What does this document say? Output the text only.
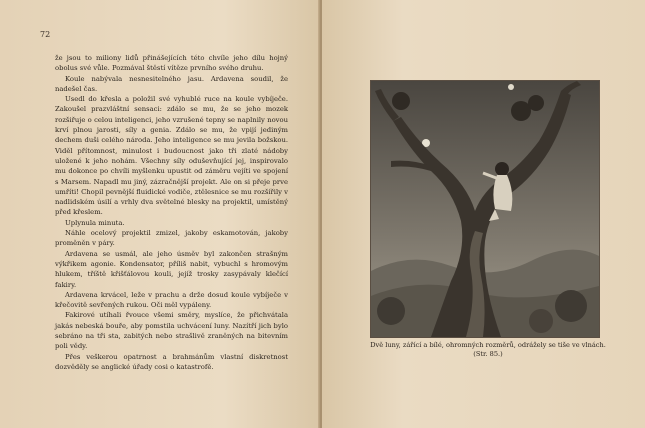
72

že jsou to miliony lidů přinášejících této chvíle jeho dílu hojný obolus své vůle. Pozmával štěstí vítěze prvního svého druhu.

Koule nabývala nesnesitelného jasu. Ardavena soudil, že nadešel čas.

Usedl do křesla a položil své vyhublé ruce na koule vybíječe. Zakoušel prazvláštní sensaci: zdálo se mu, že se jeho mozek rozšiřuje o celou inteligenci, jeho vzrušené tepny se naplnily novou krví plnou jarosti, síly a genia. Zdálo se mu, že vpijí jediným dechem duši celého národa. Jeho inteligence se mu jevila božskou. Viděl přítomnost, minulost i budoucnost jako tři zlaté nádoby uložené k jeho nohám. Všechny síly oduševňující jej, inspirovalo mu dokonce po chvíli myšlenku upustit od záměru vejíti ve spojení s Marsem. Napadl mu jiný, zázračnější projekt. Ale on si přeje prve umříti! Chopil pevnější fluidické vodiče, ztělesnice se mu rozšířily v nadlidském úsilí a vrhly dva světelné blesky na projektil, umístěný před křeslem.

Uplynula minuta.

Náhle ocelový projektil zmizel, jakoby eskamotován, jakoby proměněn v páry.

Ardavena se usmál, ale jeho úsměv byl zakončen strašným výkřikem agonie. Kondensator, příliš nabit, vybuchl s hromovým hlukem, tříště křišťálovou kouli, jejíž trosky zasypávaly klečící fakiry.

Ardavena krvácel, leže v prachu a drže dosud koule vybíječe v křečovitě sevřených rukou. Oči měl vypáleny.

Fakirové utíhali řvouce všemi směry, myslíce, že přichvátala jakás nebeská bouře, aby pomstila uchvácení luny. Nazítří jich bylo sebráno na tři sta, zabitých nebo strašlivě zraněných na bitevním poli vědy.

Přes veškerou opatrnost a brahmánům vlastní diskretnost dozvěděly se anglické úřady cosi o katastrofě.

Dvě luny, zářící a bílé, ohromných rozměrů, odrážely se tiše ve vlnách. (Str. 85.)
